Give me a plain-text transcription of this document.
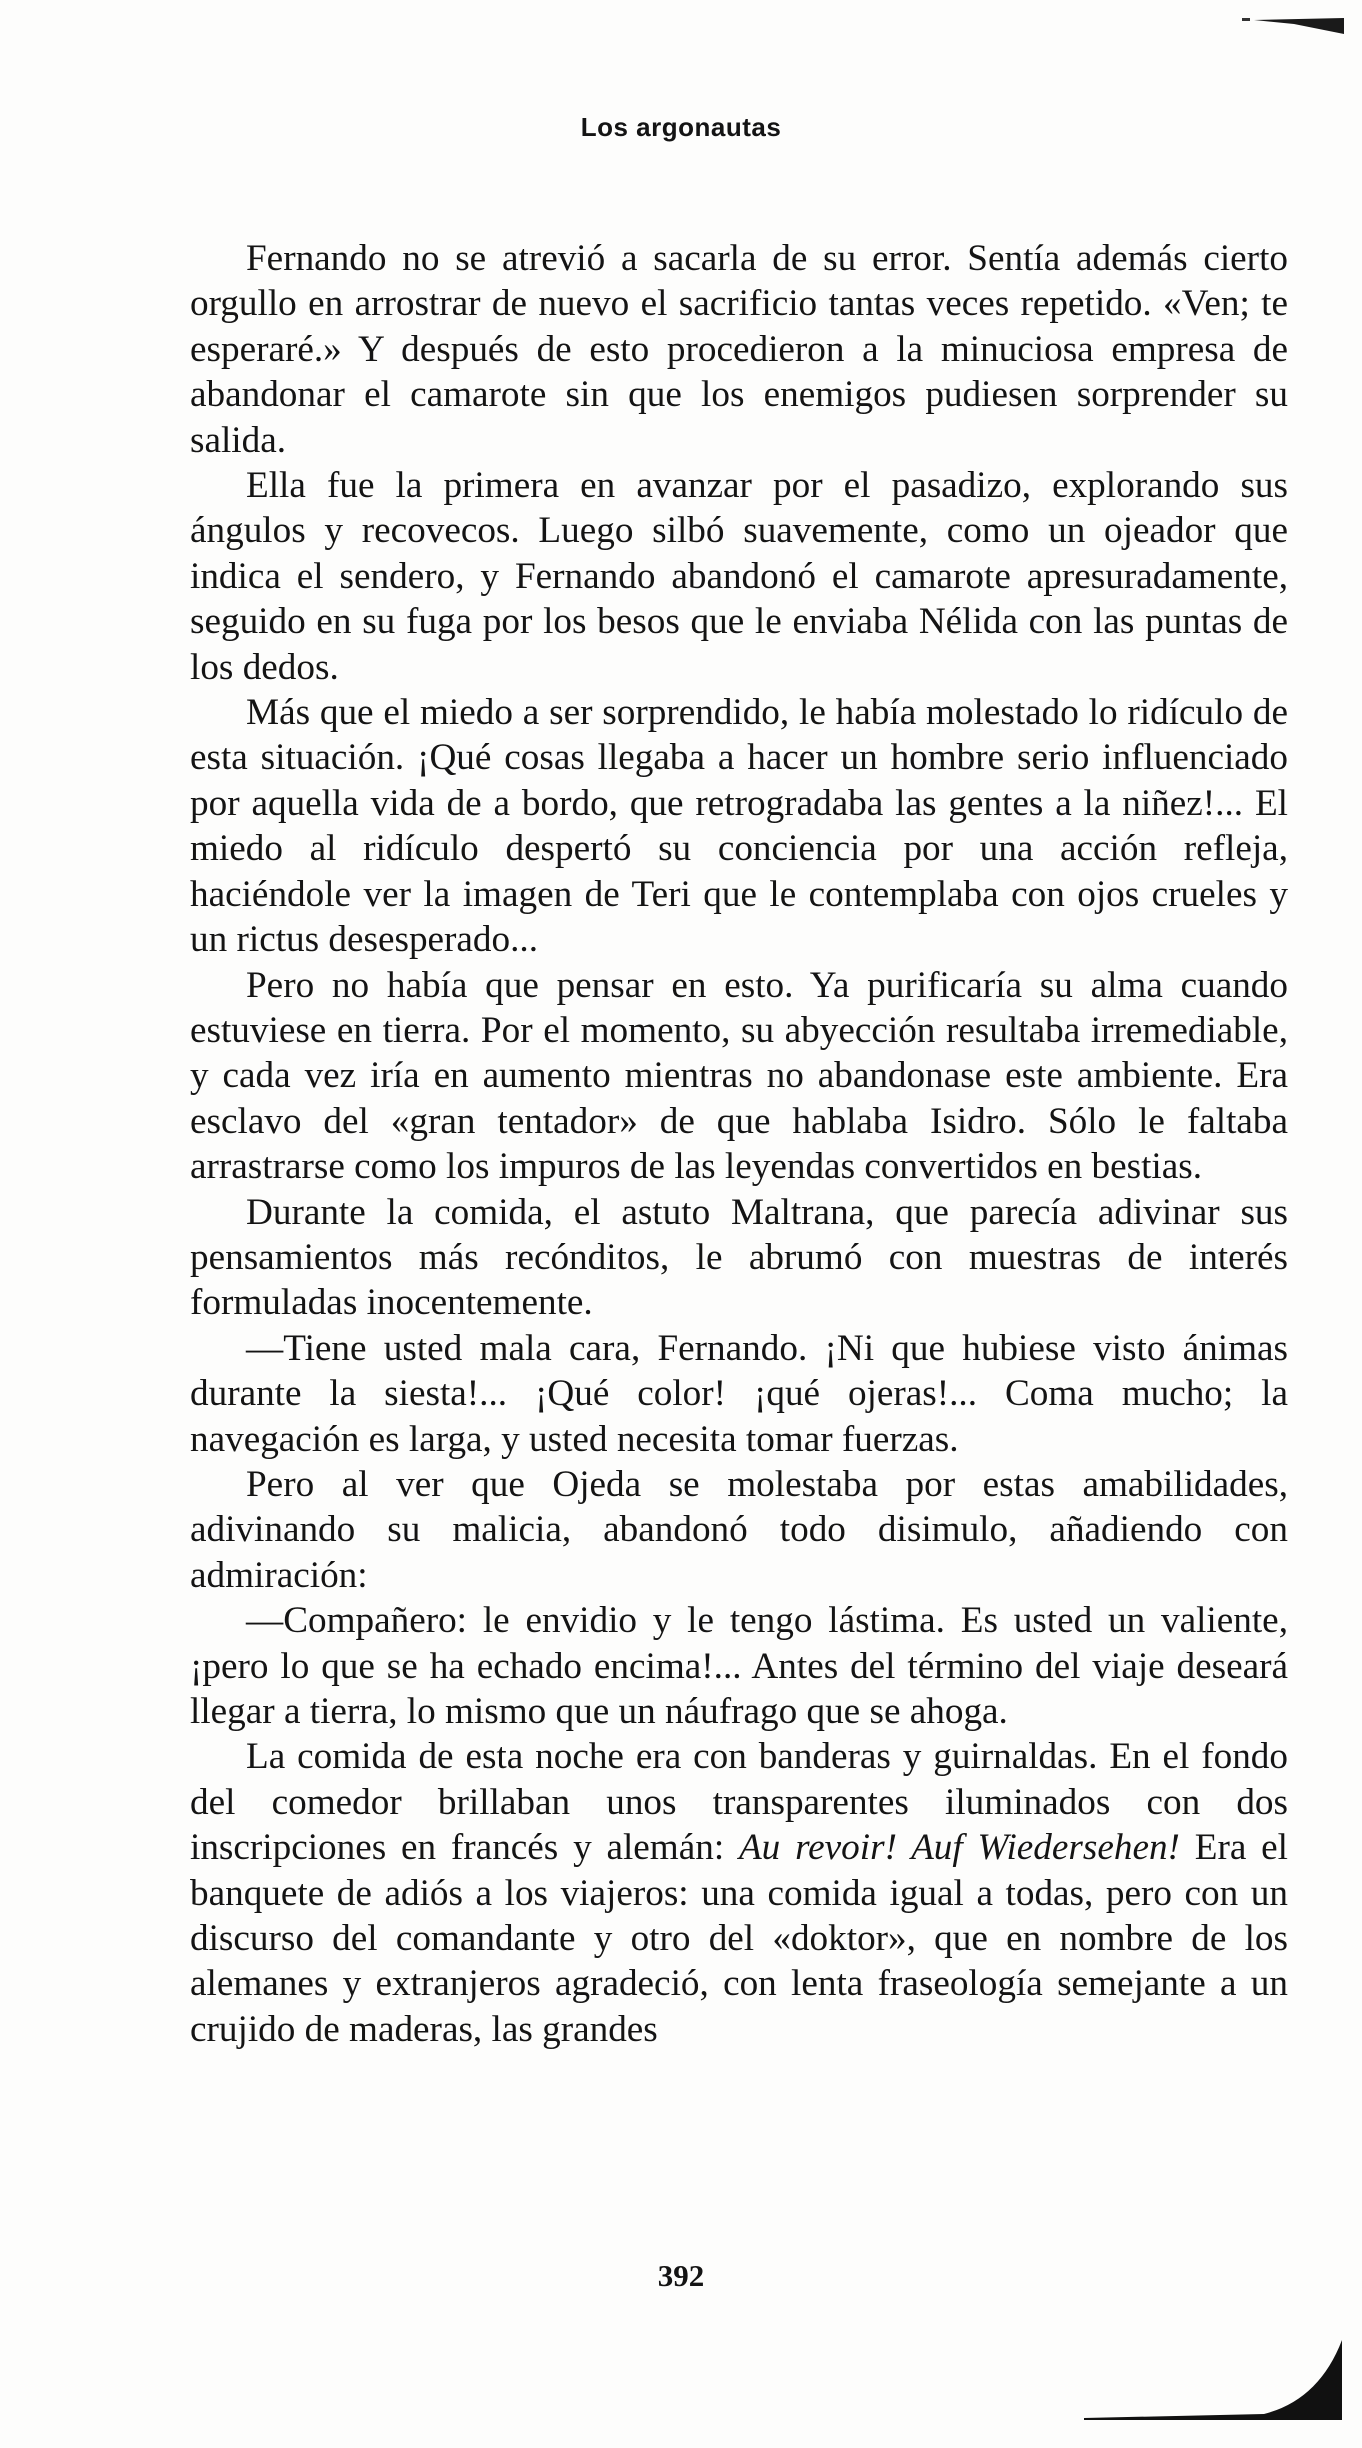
Los argonautas

Fernando no se atrevió a sacarla de su error. Sentía además cierto orgullo en arrostrar de nuevo el sacrificio tantas veces repetido. «Ven; te esperaré.» Y después de esto procedieron a la minuciosa empresa de abandonar el camarote sin que los enemigos pudiesen sorprender su salida.

Ella fue la primera en avanzar por el pasadizo, explorando sus ángulos y recovecos. Luego silbó suavemente, como un ojeador que indica el sendero, y Fernando abandonó el camarote apresuradamente, seguido en su fuga por los besos que le enviaba Nélida con las puntas de los dedos.

Más que el miedo a ser sorprendido, le había molestado lo ridículo de esta situación. ¡Qué cosas llegaba a hacer un hombre serio influenciado por aquella vida de a bordo, que retrogradaba las gentes a la niñez!... El miedo al ridículo despertó su conciencia por una acción refleja, haciéndole ver la imagen de Teri que le contemplaba con ojos crueles y un rictus desesperado...

Pero no había que pensar en esto. Ya purificaría su alma cuando estuviese en tierra. Por el momento, su abyección resultaba irremediable, y cada vez iría en aumento mientras no abandonase este ambiente. Era esclavo del «gran tentador» de que hablaba Isidro. Sólo le faltaba arrastrarse como los impuros de las leyendas convertidos en bestias.

Durante la comida, el astuto Maltrana, que parecía adivinar sus pensamientos más recónditos, le abrumó con muestras de interés formuladas inocentemente.

—Tiene usted mala cara, Fernando. ¡Ni que hubiese visto ánimas durante la siesta!... ¡Qué color! ¡qué ojeras!... Coma mucho; la navegación es larga, y usted necesita tomar fuerzas.

Pero al ver que Ojeda se molestaba por estas amabilidades, adivinando su malicia, abandonó todo disimulo, añadiendo con admiración:

—Compañero: le envidio y le tengo lástima. Es usted un valiente, ¡pero lo que se ha echado encima!... Antes del término del viaje deseará llegar a tierra, lo mismo que un náufrago que se ahoga.

La comida de esta noche era con banderas y guirnaldas. En el fondo del comedor brillaban unos transparentes iluminados con dos inscripciones en francés y alemán: Au revoir! Auf Wiedersehen! Era el banquete de adiós a los viajeros: una comida igual a todas, pero con un discurso del comandante y otro del «doktor», que en nombre de los alemanes y extranjeros agradeció, con lenta fraseología semejante a un crujido de maderas, las grandes

392
